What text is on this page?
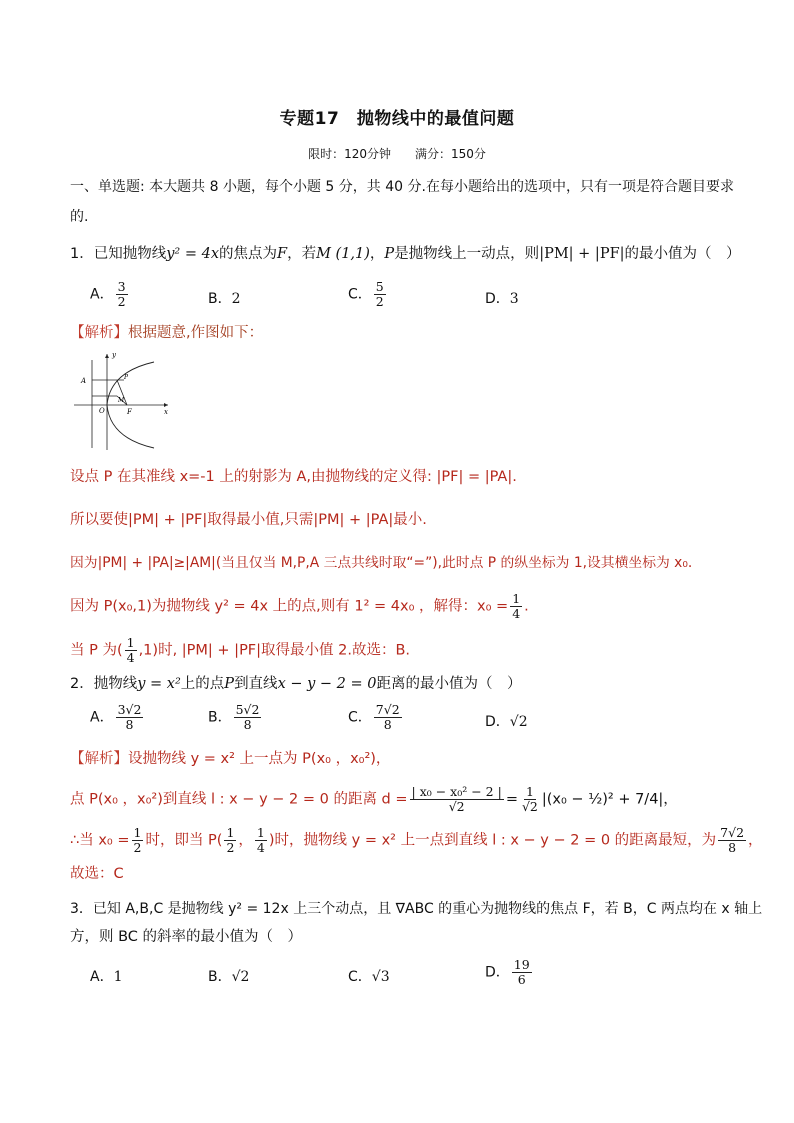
专题17　抛物线中的最值问题
限时：120分钟　　满分：150分
一、单选题: 本大题共 8 小题，每个小题 5 分，共 40 分.在每小题给出的选项中，只有一项是符合题目要求
的.
1．已知抛物线y² = 4x的焦点为F，若M (1,1)，P是抛物线上一动点，则|PM| + |PF|的最小值为（　）
A． $\frac{3}{2}$	B．2	C． $\frac{5}{2}$	D．3
【解析】根据题意,作图如下：
y
x
A	P
M
O	F
设点 P 在其准线 x=-1 上的射影为 A,由抛物线的定义得: |PF| = |PA|.
所以要使|PM| + |PF|取得最小值,只需|PM| + |PA|最小.
因为|PM| + |PA|≥|AM|(当且仅当 M,P,A 三点共线时取“=”),此时点 P 的纵坐标为 1,设其横坐标为 x₀.
因为 P(x₀,1)为抛物线 y² = 4x 上的点,则有 1² = 4x₀ ，解得：$x_0 = \frac{1}{4}$ .
当 P 为( $\frac{1}{4} ,1$)时, |PM| + |PF|取得最小值 2.故选：B.
2．抛物线y = x²上的点P到直线x − y − 2 = 0距离的最小值为（　）
A． $\frac{3√2}{8}$	B． $\frac{5√2}{8}$	C． $\frac{7√2}{8}$	D．√2
【解析】设抛物线 y = x² 上一点为 P(x₀ ，x₀²)，
点 P(x₀ ，x₀²)到直线 l : x − y − 2 = 0 的距离 $d = \frac{\text{| x₀ − x₀² − 2 |}}{√2} = \frac{1}{√2} |(x_0$ − ½)² + 7/4|，
∴当 $x_0 = \frac{1}{2}$ 时，即当 $P( \frac{1}{2}$ ， $\frac{1}{4}$ )时，抛物线 y = x² 上一点到直线 l : x − y − 2 = 0 的距离最短，为 $\frac{7√2}{8}$ ，
故选：C
3．已知 A,B,C 是抛物线 y² = 12x 上三个动点，且 ∇ABC 的重心为抛物线的焦点 F，若 B，C 两点均在 x 轴上
方，则 BC 的斜率的最小值为（　）
A．1	B．√2	C．√3	D． $\frac{19}{6}$
